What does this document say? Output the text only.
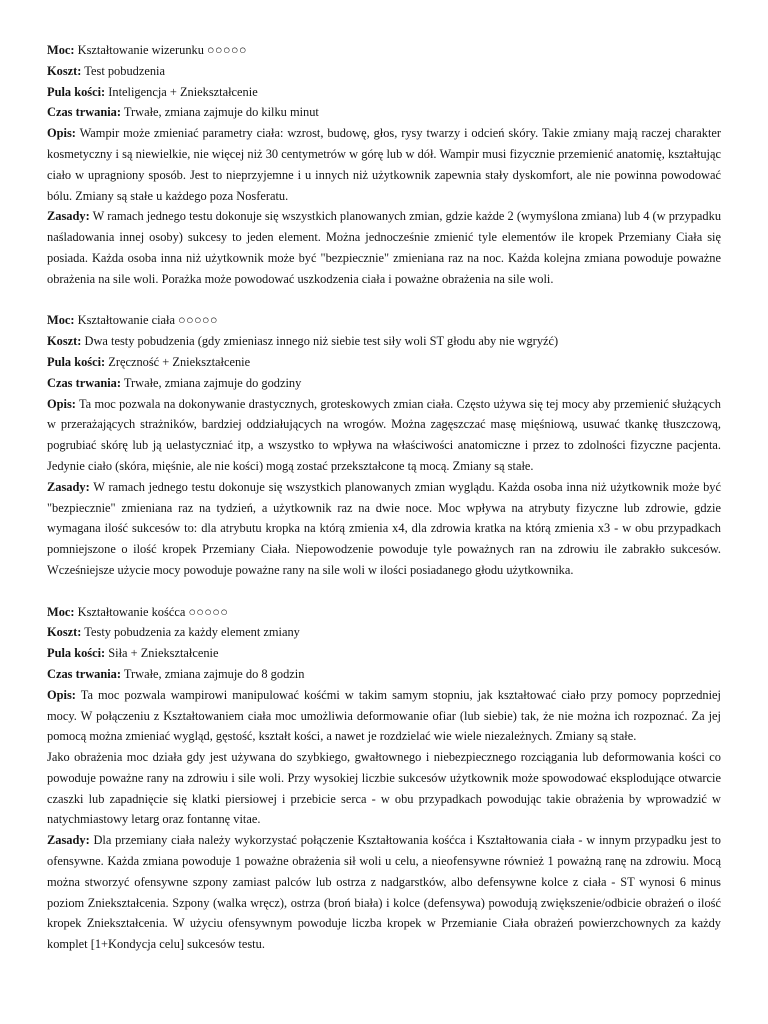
Moc: Kształtowanie wizerunku ○○○○○

Koszt: Test pobudzenia

Pula kości: Inteligencja + Zniekształcenie

Czas trwania: Trwałe, zmiana zajmuje do kilku minut

Opis: Wampir może zmieniać parametry ciała: wzrost, budowę, głos, rysy twarzy i odcień skóry. Takie zmiany mają raczej charakter kosmetyczny i są niewielkie, nie więcej niż 30 centymetrów w górę lub w dół. Wampir musi fizycznie przemienić anatomię, kształtując ciało w upragniony sposób. Jest to nieprzyjemne i u innych niż użytkownik zapewnia stały dyskomfort, ale nie powinna powodować bólu. Zmiany są stałe u każdego poza Nosferatu.

Zasady: W ramach jednego testu dokonuje się wszystkich planowanych zmian, gdzie każde 2 (wymyślona zmiana) lub 4 (w przypadku naśladowania innej osoby) sukcesy to jeden element. Można jednocześnie zmienić tyle elementów ile kropek Przemiany Ciała się posiada. Każda osoba inna niż użytkownik może być "bezpiecznie" zmieniana raz na noc. Każda kolejna zmiana powoduje poważne obrażenia na sile woli. Porażka może powodować uszkodzenia ciała i poważne obrażenia na sile woli.

Moc: Kształtowanie ciała ○○○○○

Koszt: Dwa testy pobudzenia (gdy zmieniasz innego niż siebie test siły woli ST głodu aby nie wgryźć)

Pula kości: Zręczność + Zniekształcenie

Czas trwania: Trwałe, zmiana zajmuje do godziny

Opis: Ta moc pozwala na dokonywanie drastycznych, groteskowych zmian ciała. Często używa się tej mocy aby przemienić służących w przerażających strażników, bardziej oddziałujących na wrogów. Można zagęszczać masę mięśniową, usuwać tkankę tłuszczową, pogrubiać skórę lub ją uelastyczniać itp, a wszystko to wpływa na właściwości anatomiczne i przez to zdolności fizyczne pacjenta. Jedynie ciało (skóra, mięśnie, ale nie kości) mogą zostać przekształcone tą mocą. Zmiany są stałe.

Zasady: W ramach jednego testu dokonuje się wszystkich planowanych zmian wyglądu. Każda osoba inna niż użytkownik może być "bezpiecznie" zmieniana raz na tydzień, a użytkownik raz na dwie noce. Moc wpływa na atrybuty fizyczne lub zdrowie, gdzie wymagana ilość sukcesów to: dla atrybutu kropka na którą zmienia x4, dla zdrowia kratka na którą zmienia x3 - w obu przypadkach pomniejszone o ilość kropek Przemiany Ciała. Niepowodzenie powoduje tyle poważnych ran na zdrowiu ile zabrakło sukcesów. Wcześniejsze użycie mocy powoduje poważne rany na sile woli w ilości posiadanego głodu użytkownika.

Moc: Kształtowanie kośćca ○○○○○

Koszt: Testy pobudzenia za każdy element zmiany

Pula kości: Siła + Zniekształcenie

Czas trwania: Trwałe, zmiana zajmuje do 8 godzin

Opis: Ta moc pozwala wampirowi manipulować kośćmi w takim samym stopniu, jak kształtować ciało przy pomocy poprzedniej mocy. W połączeniu z Kształtowaniem ciała moc umożliwia deformowanie ofiar (lub siebie) tak, że nie można ich rozpoznać. Za jej pomocą można zmieniać wygląd, gęstość, kształt kości, a nawet je rozdzielać wie wiele niezależnych. Zmiany są stałe.

Jako obrażenia moc działa gdy jest używana do szybkiego, gwałtownego i niebezpiecznego rozciągania lub deformowania kości co powoduje poważne rany na zdrowiu i sile woli. Przy wysokiej liczbie sukcesów użytkownik może spowodować eksplodujące otwarcie czaszki lub zapadnięcie się klatki piersiowej i przebicie serca - w obu przypadkach powodując takie obrażenia by wprowadzić w natychmiastowy letarg oraz fontannę vitae.

Zasady: Dla przemiany ciała należy wykorzystać połączenie Kształtowania kośćca i Kształtowania ciała - w innym przypadku jest to ofensywne. Każda zmiana powoduje 1 poważne obrażenia sił woli u celu, a nieofensywne również 1 poważną ranę na zdrowiu. Mocą można stworzyć ofensywne szpony zamiast palców lub ostrza z nadgarstków, albo defensywne kolce z ciała - ST wynosi 6 minus poziom Zniekształcenia. Szpony (walka wręcz), ostrza (broń biała) i kolce (defensywa) powodują zwiększenie/odbicie obrażeń o ilość kropek Zniekształcenia. W użyciu ofensywnym powoduje liczba kropek w Przemianie Ciała obrażeń powierzchownych za każdy komplet [1+Kondycja celu] sukcesów testu.
